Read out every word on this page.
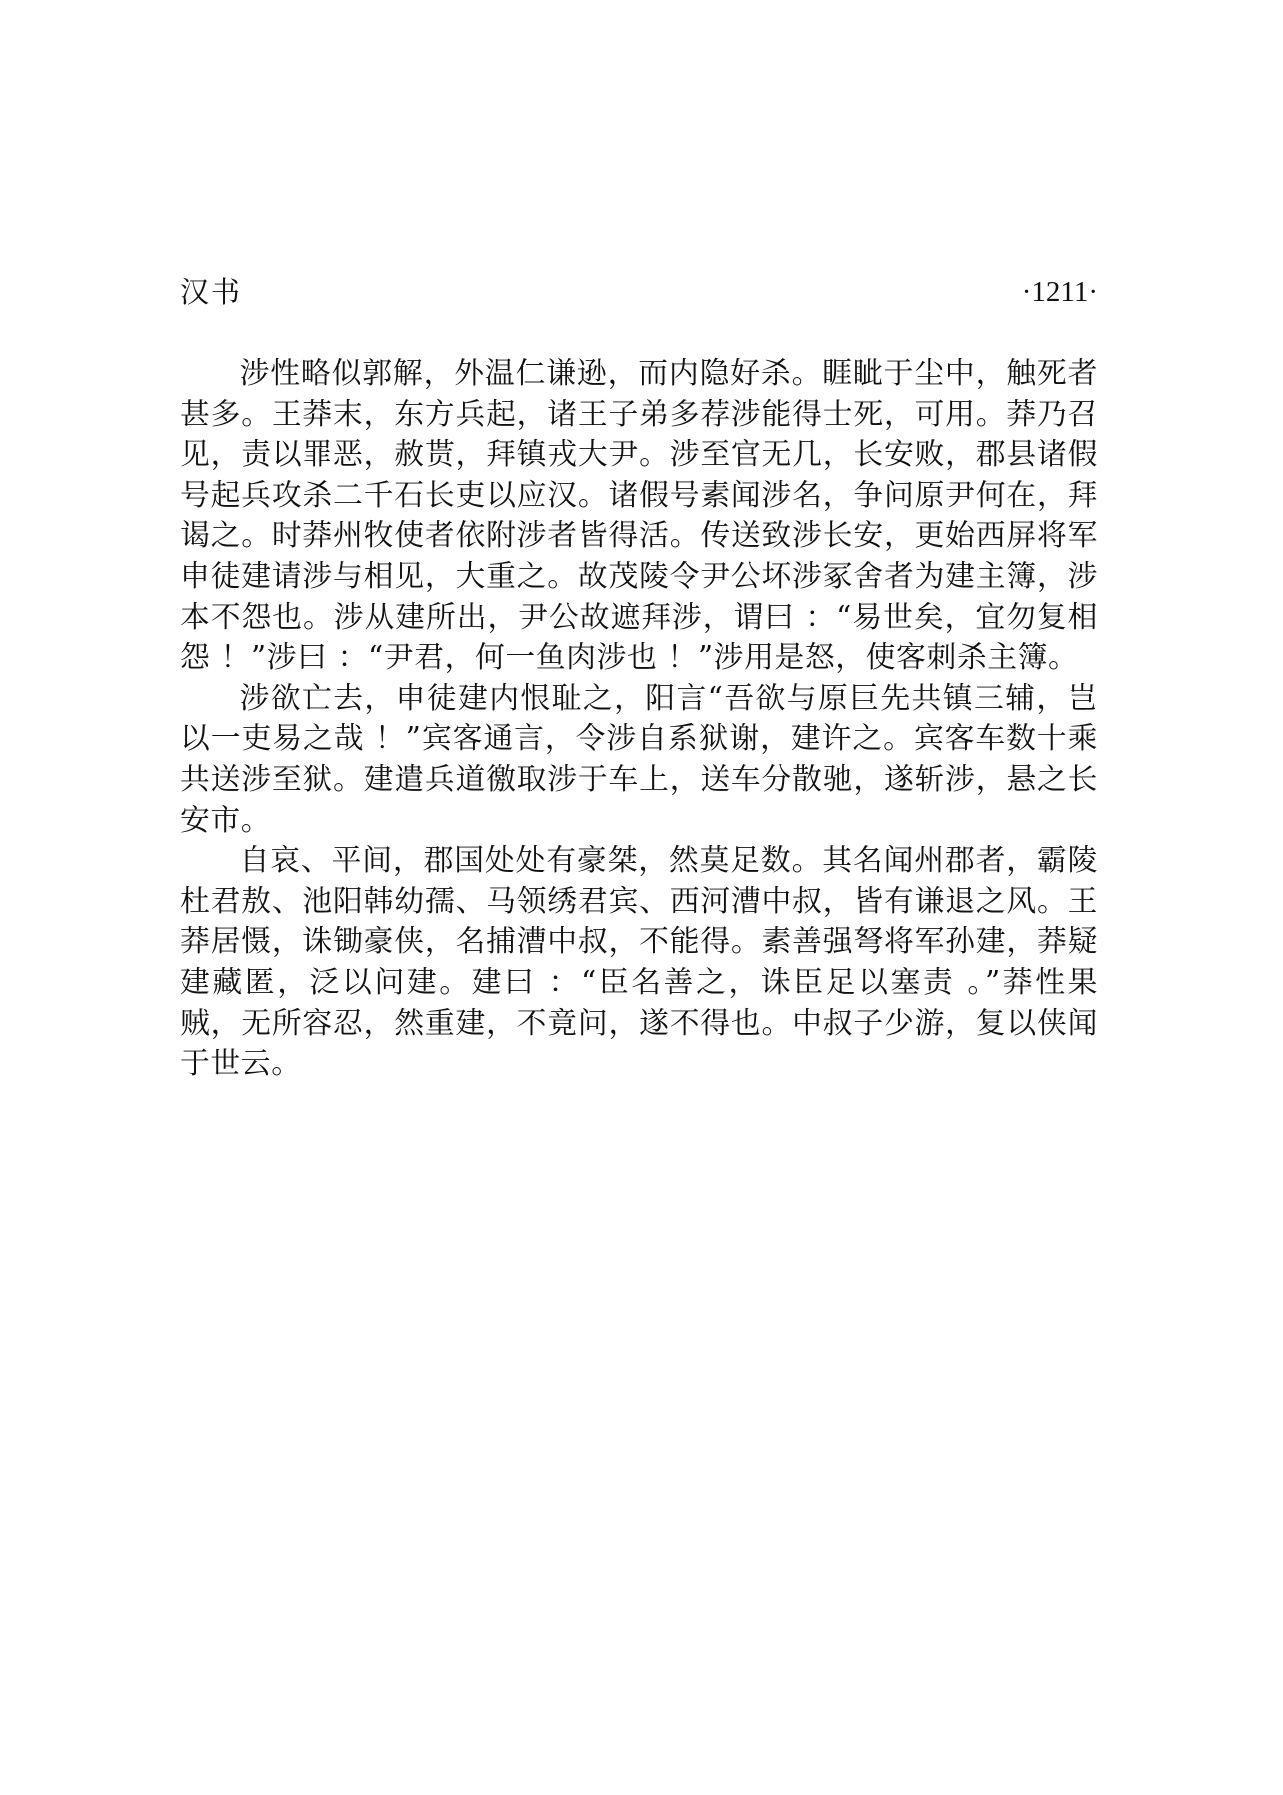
汉书	·1211·

涉性略似郭解，外温仁谦逊，而内隐好杀。睚眦于尘中，触死者甚多。王莽末，东方兵起，诸王子弟多荐涉能得士死，可用。莽乃召见，责以罪恶，赦贳，拜镇戎大尹。涉至官无几，长安败，郡县诸假号起兵攻杀二千石长吏以应汉。诸假号素闻涉名，争问原尹何在，拜谒之。时莽州牧使者依附涉者皆得活。传送致涉长安，更始西屏将军申徒建请涉与相见，大重之。故茂陵令尹公坏涉冢舍者为建主簿，涉本不怨也。涉从建所出，尹公故遮拜涉，谓曰 ：“易世矣，宜勿复相怨 ！”涉曰 ：“尹君，何一鱼肉涉也 ！”涉用是怒，使客刺杀主簿。

涉欲亡去，申徒建内恨耻之，阳言“吾欲与原巨先共镇三辅，岂以一吏易之哉 ！”宾客通言，令涉自系狱谢，建许之。宾客车数十乘共送涉至狱。建遣兵道徼取涉于车上，送车分散驰，遂斩涉，悬之长安市。

自哀、平间，郡国处处有豪桀，然莫足数。其名闻州郡者，霸陵杜君敖、池阳韩幼孺、马领绣君宾、西河漕中叔，皆有谦退之风。王莽居慑，诛锄豪侠，名捕漕中叔，不能得。素善强弩将军孙建，莽疑建藏匿，泛以问建。建曰 ：“臣名善之，诛臣足以塞责 。”莽性果贼，无所容忍，然重建，不竟问，遂不得也。中叔子少游，复以侠闻于世云。
